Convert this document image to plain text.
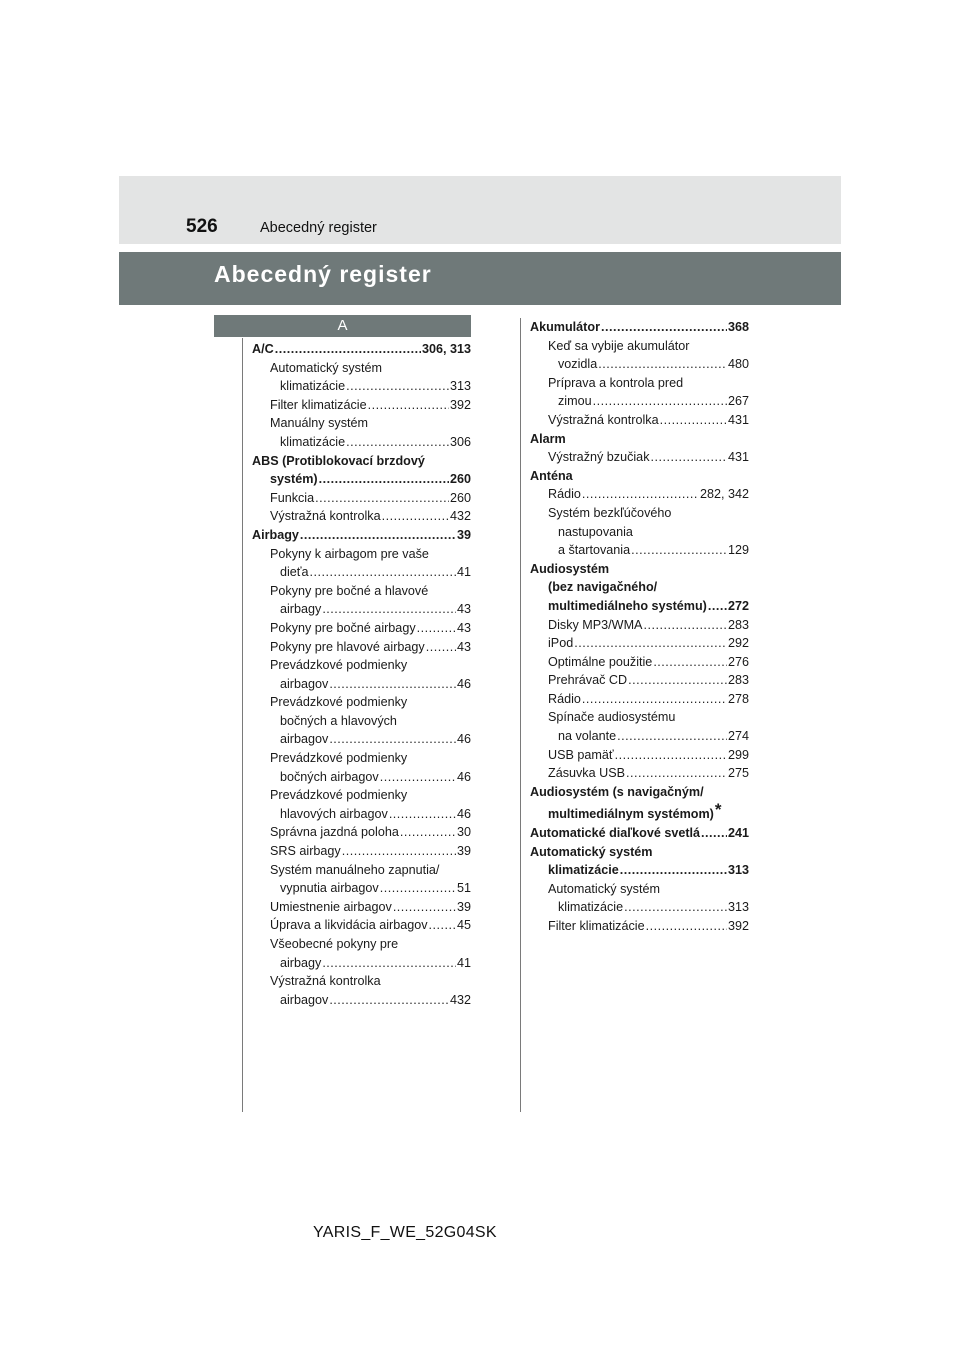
526	Abecedný register
Abecedný register
A
A/C .....	306, 313
Automatický systém
klimatizácie .....	313
Filter klimatizácie .....	392
Manuálny systém
klimatizácie .....	306
ABS (Protiblokovací brzdový
systém) .....	260
Funkcia .....	260
Výstražná kontrolka .....	432
Airbagy .....	39
Pokyny k airbagom pre vaše
dieťa .....	41
Pokyny pre bočné a hlavové
airbagy .....	43
Pokyny pre bočné airbagy .....	43
Pokyny pre hlavové airbagy .....	43
Prevádzkové podmienky
airbagov .....	46
Prevádzkové podmienky
bočných a hlavových
airbagov .....	46
Prevádzkové podmienky
bočných airbagov .....	46
Prevádzkové podmienky
hlavových airbagov .....	46
Správna jazdná poloha .....	30
SRS airbagy .....	39
Systém manuálneho zapnutia/
vypnutia airbagov .....	51
Umiestnenie airbagov .....	39
Úprava a likvidácia airbagov ..... 45
Všeobecné pokyny pre
airbagy .....	41
Výstražná kontrolka
airbagov .....	432
Akumulátor .....	368
Keď sa vybije akumulátor
vozidla .....	480
Príprava a kontrola pred
zimou .....	267
Výstražná kontrolka .....	431
Alarm
Výstražný bzučiak .....	431
Anténa
Rádio .....	282, 342
Systém bezkľúčového
nastupovania
a štartovania .....	129
Audiosystém
(bez navigačného/
multimediálneho systému) ..... 272
Disky MP3/WMA .....	283
iPod .....	292
Optimálne použitie .....	276
Prehrávač CD .....	283
Rádio .....	278
Spínače audiosystému
na volante .....	274
USB pamäť .....	299
Zásuvka USB .....	275
Audiosystém (s navigačným/
multimediálnym systémom)*
Automatické diaľkové svetlá ..... 241
Automatický systém
klimatizácie .....	313
Automatický systém
klimatizácie .....	313
Filter klimatizácie .....	392
YARIS_F_WE_52G04SK
